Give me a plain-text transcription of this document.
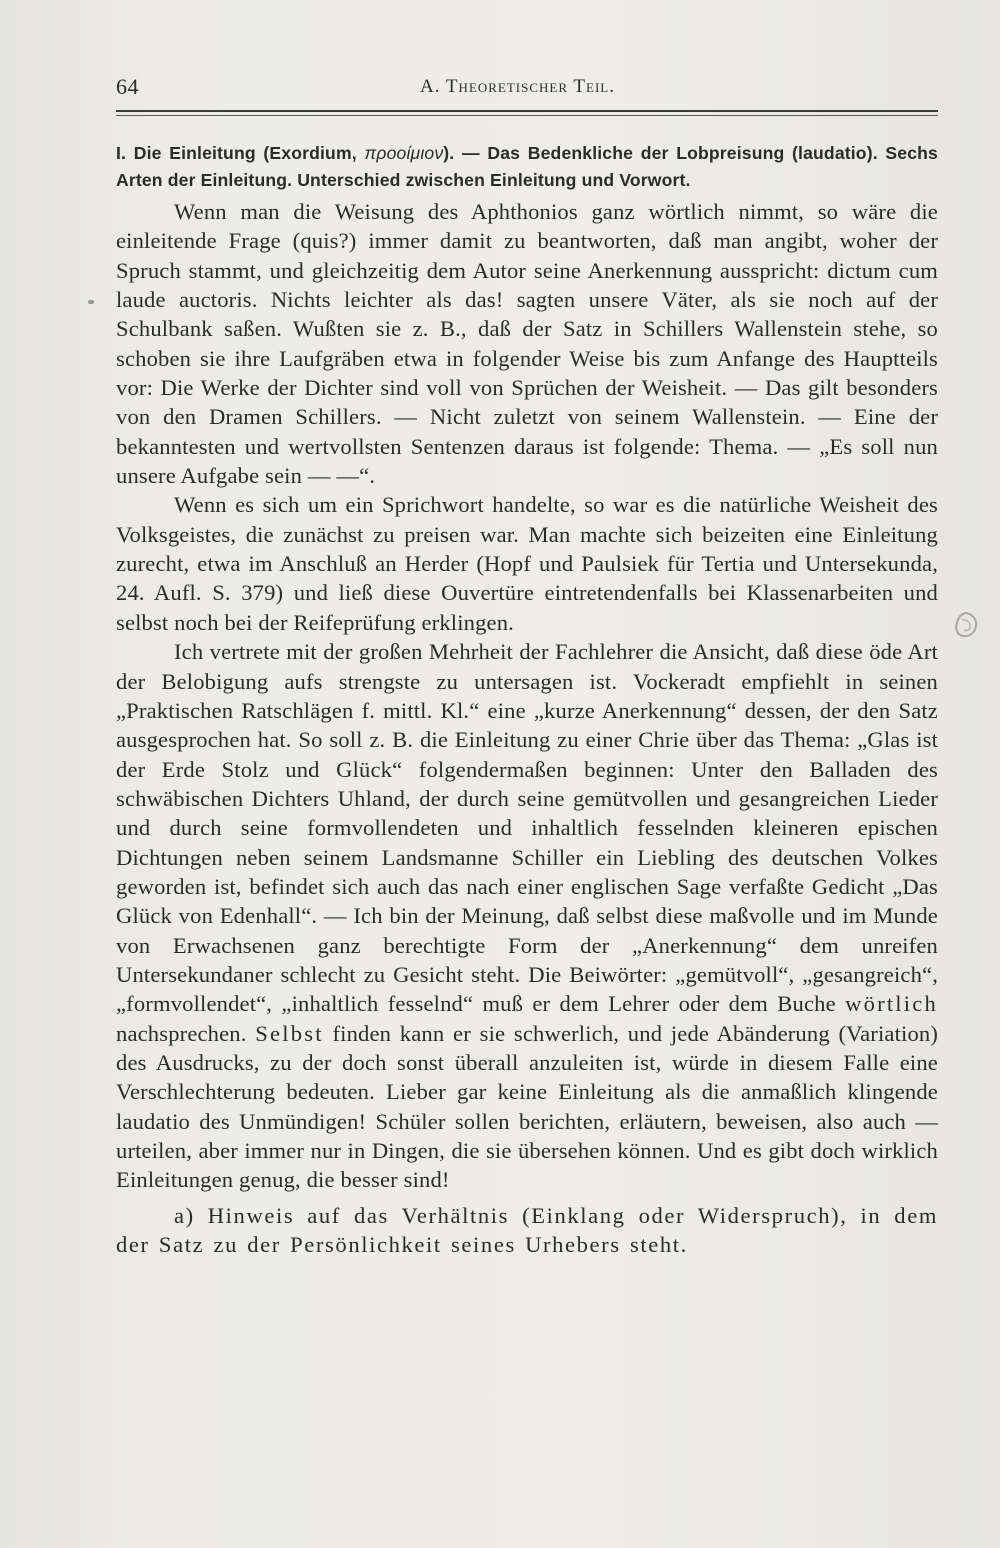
64	A. Theoretischer Teil.

I. Die Einleitung (Exordium, προοίμιον). — Das Bedenkliche der Lobpreisung (laudatio). Sechs Arten der Einleitung. Unterschied zwischen Einleitung und Vorwort.

Wenn man die Weisung des Aphthonios ganz wörtlich nimmt, so wäre die einleitende Frage (quis?) immer damit zu beantworten, daß man angibt, woher der Spruch stammt, und gleichzeitig dem Autor seine Anerkennung ausspricht: dictum cum laude auctoris. Nichts leichter als das! sagten unsere Väter, als sie noch auf der Schulbank saßen. Wußten sie z. B., daß der Satz in Schillers Wallenstein stehe, so schoben sie ihre Laufgräben etwa in folgender Weise bis zum Anfange des Hauptteils vor: Die Werke der Dichter sind voll von Sprüchen der Weisheit. — Das gilt besonders von den Dramen Schillers. — Nicht zuletzt von seinem Wallenstein. — Eine der bekanntesten und wertvollsten Sentenzen daraus ist folgende: Thema. — „Es soll nun unsere Aufgabe sein — —“.

Wenn es sich um ein Sprichwort handelte, so war es die natürliche Weisheit des Volksgeistes, die zunächst zu preisen war. Man machte sich beizeiten eine Einleitung zurecht, etwa im Anschluß an Herder (Hopf und Paulsiek für Tertia und Untersekunda, 24. Aufl. S. 379) und ließ diese Ouvertüre eintretendenfalls bei Klassenarbeiten und selbst noch bei der Reifeprüfung erklingen.

Ich vertrete mit der großen Mehrheit der Fachlehrer die Ansicht, daß diese öde Art der Belobigung aufs strengste zu untersagen ist. Vockeradt empfiehlt in seinen „Praktischen Ratschlägen f. mittl. Kl.“ eine „kurze Anerkennung“ dessen, der den Satz ausgesprochen hat. So soll z. B. die Einleitung zu einer Chrie über das Thema: „Glas ist der Erde Stolz und Glück“ folgendermaßen beginnen: Unter den Balladen des schwäbischen Dichters Uhland, der durch seine gemütvollen und gesangreichen Lieder und durch seine formvollendeten und inhaltlich fesselnden kleineren epischen Dichtungen neben seinem Landsmanne Schiller ein Liebling des deutschen Volkes geworden ist, befindet sich auch das nach einer englischen Sage verfaßte Gedicht „Das Glück von Edenhall“. — Ich bin der Meinung, daß selbst diese maßvolle und im Munde von Erwachsenen ganz berechtigte Form der „Anerkennung“ dem unreifen Untersekundaner schlecht zu Gesicht steht. Die Beiwörter: „gemütvoll“, „gesangreich“, „formvollendet“, „inhaltlich fesselnd“ muß er dem Lehrer oder dem Buche wörtlich nachsprechen. Selbst finden kann er sie schwerlich, und jede Abänderung (Variation) des Ausdrucks, zu der doch sonst überall anzuleiten ist, würde in diesem Falle eine Verschlechterung bedeuten. Lieber gar keine Einleitung als die anmaßlich klingende laudatio des Unmündigen! Schüler sollen berichten, erläutern, beweisen, also auch — urteilen, aber immer nur in Dingen, die sie übersehen können. Und es gibt doch wirklich Einleitungen genug, die besser sind!

a) Hinweis auf das Verhältnis (Einklang oder Widerspruch), in dem der Satz zu der Persönlichkeit seines Urhebers steht.
